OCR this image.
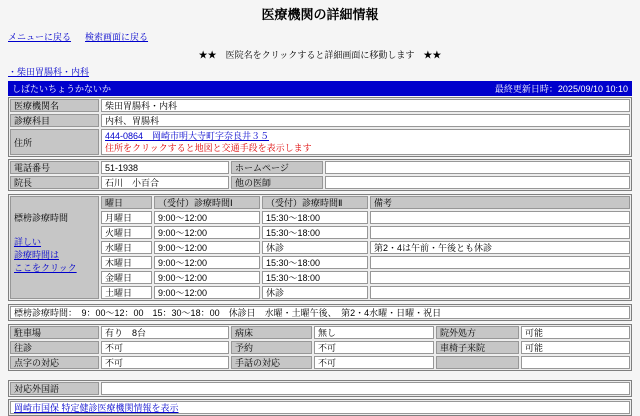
医療機関の詳細情報
メニューに戻る 検索画面に戻る
★★　医院名をクリックすると詳細画面に移動します　★★
・柴田胃腸科・内科
しばたいちょうかないか	最終更新日時：2025/09/10 10:10
医療機関名	柴田胃腸科・内科
診療科目	内科、胃腸科
住所
444-0864　岡崎市明大寺町字奈良井３５
住所をクリックすると地図と交通手段を表示します
電話番号	51-1938	ホームページ
院長	石川　小百合	他の医師
標榜診療時間
詳しい
診療時間は
ここをクリック
曜日	（受付）診療時間Ⅰ	（受付）診療時間Ⅱ	備考
月曜日	9:00～12:00	15:30～18:00
火曜日	9:00～12:00	15:30～18:00
水曜日	9:00～12:00	休診	第2・4は午前・午後とも休診
木曜日	9:00～12:00	15:30～18:00
金曜日	9:00～12:00	15:30～18:00
土曜日	9:00～12:00	休診
標榜診療時間：　9：00～12：00　15：30～18：00　休診日　水曜・土曜午後、　第2・4水曜・日曜・祝日
駐車場	有り　8台	病床	無し	院外処方	可能
往診	不可	予約	不可	車椅子来院	可能
点字の対応	不可	手話の対応	不可
対応外国語
岡崎市国保 特定健診医療機関情報を表示
